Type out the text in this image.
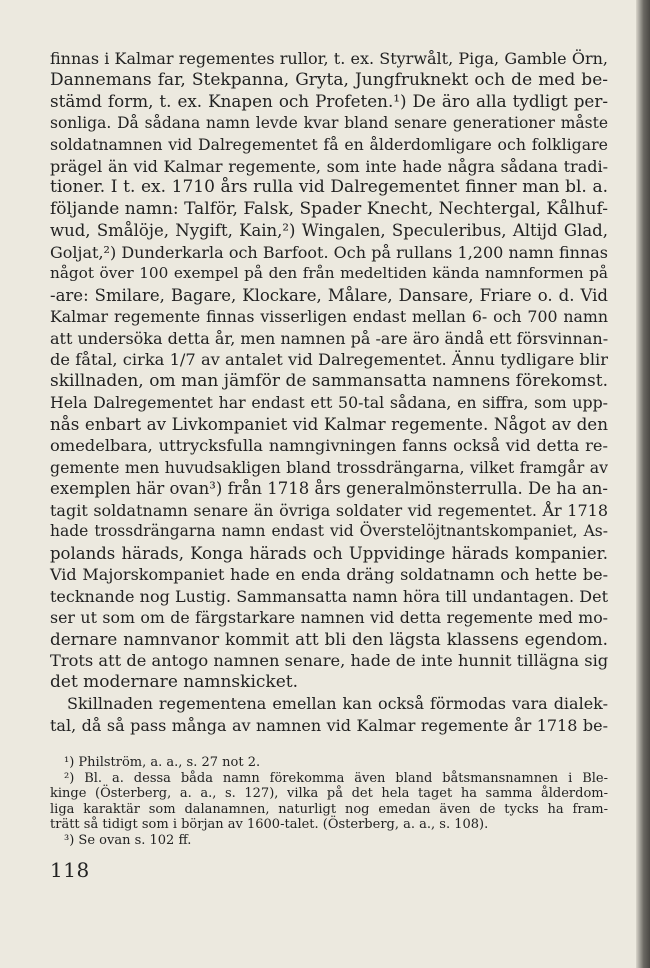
finnas i Kalmar regementes rullor, t. ex. Styrwålt, Piga, Gamble Örn,
Dannemans far, Stekpanna, Gryta, Jungfruknekt och de med be-
stämd form, t. ex. Knapen och Profeten.¹) De äro alla tydligt per-
sonliga. Då sådana namn levde kvar bland senare generationer måste
soldatnamnen vid Dalregementet få en ålderdomligare och folkligare
prägel än vid Kalmar regemente, som inte hade några sådana tradi-
tioner. I t. ex. 1710 års rulla vid Dalregementet finner man bl. a.
följande namn: Talför, Falsk, Spader Knecht, Nechtergal, Kålhuf-
wud, Smålöje, Nygift, Kain,²) Wingalen, Speculeribus, Altijd Glad,
Goljat,²) Dunderkarla och Barfoot. Och på rullans 1,200 namn finnas
något över 100 exempel på den från medeltiden kända namnformen på
-are: Smilare, Bagare, Klockare, Målare, Dansare, Friare o. d. Vid
Kalmar regemente finnas visserligen endast mellan 6- och 700 namn
att undersöka detta år, men namnen på -are äro ändå ett försvinnan-
de fåtal, cirka 1/7 av antalet vid Dalregementet. Ännu tydligare blir
skillnaden, om man jämför de sammansatta namnens förekomst.
Hela Dalregementet har endast ett 50-tal sådana, en siffra, som upp-
nås enbart av Livkompaniet vid Kalmar regemente. Något av den
omedelbara, uttrycksfulla namngivningen fanns också vid detta re-
gemente men huvudsakligen bland trossdrängarna, vilket framgår av
exemplen här ovan³) från 1718 års generalmönsterrulla. De ha an-
tagit soldatnamn senare än övriga soldater vid regementet. År 1718
hade trossdrängarna namn endast vid Överstelöjtnantskompaniet, As-
polands härads, Konga härads och Uppvidinge härads kompanier.
Vid Majorskompaniet hade en enda dräng soldatnamn och hette be-
tecknande nog Lustig. Sammansatta namn höra till undantagen. Det
ser ut som om de färgstarkare namnen vid detta regemente med mo-
dernare namnvanor kommit att bli den lägsta klassens egendom.
Trots att de antogo namnen senare, hade de inte hunnit tillägna sig
det modernare namnskicket.
Skillnaden regementena emellan kan också förmodas vara dialek-
tal, då så pass många av namnen vid Kalmar regemente år 1718 be-
¹) Philström, a. a., s. 27 not 2.
²) Bl. a. dessa båda namn förekomma även bland båtsmansnamnen i Ble-
kinge (Österberg, a. a., s. 127), vilka på det hela taget ha samma ålderdom-
liga karaktär som dalanamnen, naturligt nog emedan även de tycks ha fram-
trätt så tidigt som i början av 1600-talet. (Österberg, a. a., s. 108).
³) Se ovan s. 102 ff.
118
